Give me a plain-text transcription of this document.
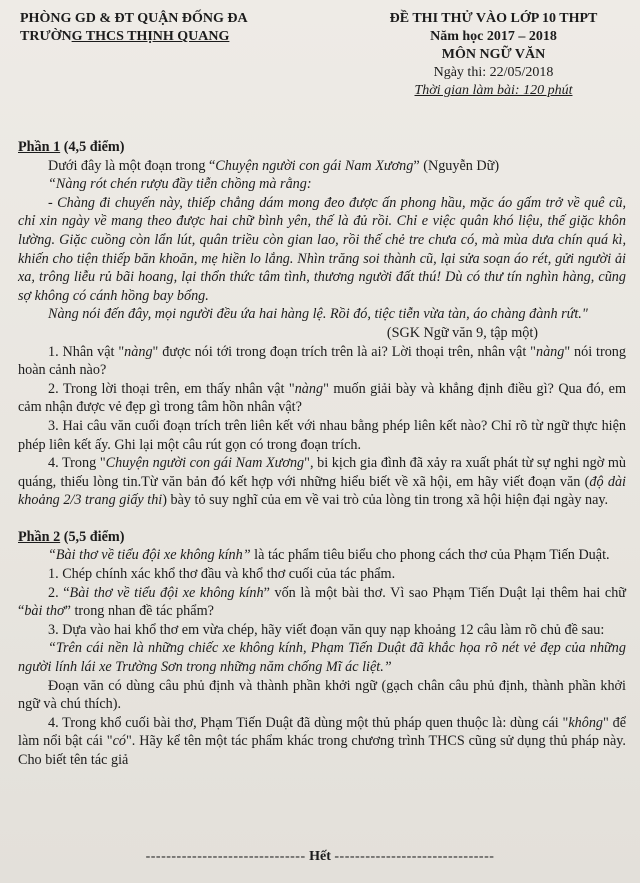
PHÒNG GD & ĐT QUẬN ĐỐNG ĐA
TRƯỜNG THCS THỊNH QUANG
ĐỀ THI THỬ VÀO LỚP 10 THPT
Năm học 2017 – 2018
MÔN NGỮ VĂN
Ngày thi: 22/05/2018
Thời gian làm bài: 120 phút
Phần 1 (4,5 điểm)

Dưới đây là một đoạn trong “Chuyện người con gái Nam Xương” (Nguyễn Dữ)

“Nàng rót chén rượu đầy tiễn chồng mà rằng:

- Chàng đi chuyến này, thiếp chẳng dám mong đeo được ấn phong hầu, mặc áo gấm trở về quê cũ, chỉ xin ngày về mang theo được hai chữ bình yên, thế là đủ rồi. Chỉ e việc quân khó liệu, thế giặc khôn lường. Giặc cuồng còn lẩn lút, quân triều còn gian lao, rồi thế chẻ tre chưa có, mà mùa dưa chín quá kì, khiến cho tiện thiếp băn khoăn, mẹ hiền lo lắng. Nhìn trăng soi thành cũ, lại sửa soạn áo rét, gửi người ải xa, trông liễu rủ bãi hoang, lại thổn thức tâm tình, thương người đất thú! Dù có thư tín nghìn hàng, cũng sợ không có cánh hồng bay bổng.

Nàng nói đến đây, mọi người đều ứa hai hàng lệ. Rồi đó, tiệc tiễn vừa tàn, áo chàng đành rứt."

(SGK Ngữ văn 9, tập một)

1. Nhân vật "nàng" được nói tới trong đoạn trích trên là ai? Lời thoại trên, nhân vật "nàng" nói trong hoàn cảnh nào?

2. Trong lời thoại trên, em thấy nhân vật "nàng" muốn giải bày và khẳng định điều gì? Qua đó, em cảm nhận được vẻ đẹp gì trong tâm hồn nhân vật?

3. Hai câu văn cuối đoạn trích trên liên kết với nhau bằng phép liên kết nào? Chỉ rõ từ ngữ thực hiện phép liên kết ấy. Ghi lại một câu rút gọn có trong đoạn trích.

4. Trong "Chuyện người con gái Nam Xương", bi kịch gia đình đã xảy ra xuất phát từ sự nghi ngờ mù quáng, thiếu lòng tin.Từ văn bản đó kết hợp với những hiểu biết về xã hội, em hãy viết đoạn văn (độ dài khoảng 2/3 trang giấy thi) bày tỏ suy nghĩ của em về vai trò của lòng tin trong xã hội hiện đại ngày nay.

Phần 2 (5,5 điểm)

“Bài thơ về tiểu đội xe không kính” là tác phẩm tiêu biểu cho phong cách thơ của Phạm Tiến Duật.

1. Chép chính xác khổ thơ đầu và khổ thơ cuối của tác phẩm.

2. “Bài thơ về tiểu đội xe không kính” vốn là một bài thơ. Vì sao Phạm Tiến Duật lại thêm hai chữ “bài thơ” trong nhan đề tác phẩm?

3. Dựa vào hai khổ thơ em vừa chép, hãy viết đoạn văn quy nạp khoảng 12 câu làm rõ chủ đề sau:

“Trên cái nền là những chiếc xe không kính, Phạm Tiến Duật đã khắc họa rõ nét vẻ đẹp của những người lính lái xe Trường Sơn trong những năm chống Mĩ ác liệt.”

Đoạn văn có dùng câu phủ định và thành phần khởi ngữ (gạch chân câu phủ định, thành phần khởi ngữ và chú thích).

4. Trong khổ cuối bài thơ, Phạm Tiến Duật đã dùng một thủ pháp quen thuộc là: dùng cái "không" để làm nổi bật cái "có". Hãy kể tên một tác phẩm khác trong chương trình THCS cũng sử dụng thủ pháp này. Cho biết tên tác giả

------------------------------- Hết -------------------------------
